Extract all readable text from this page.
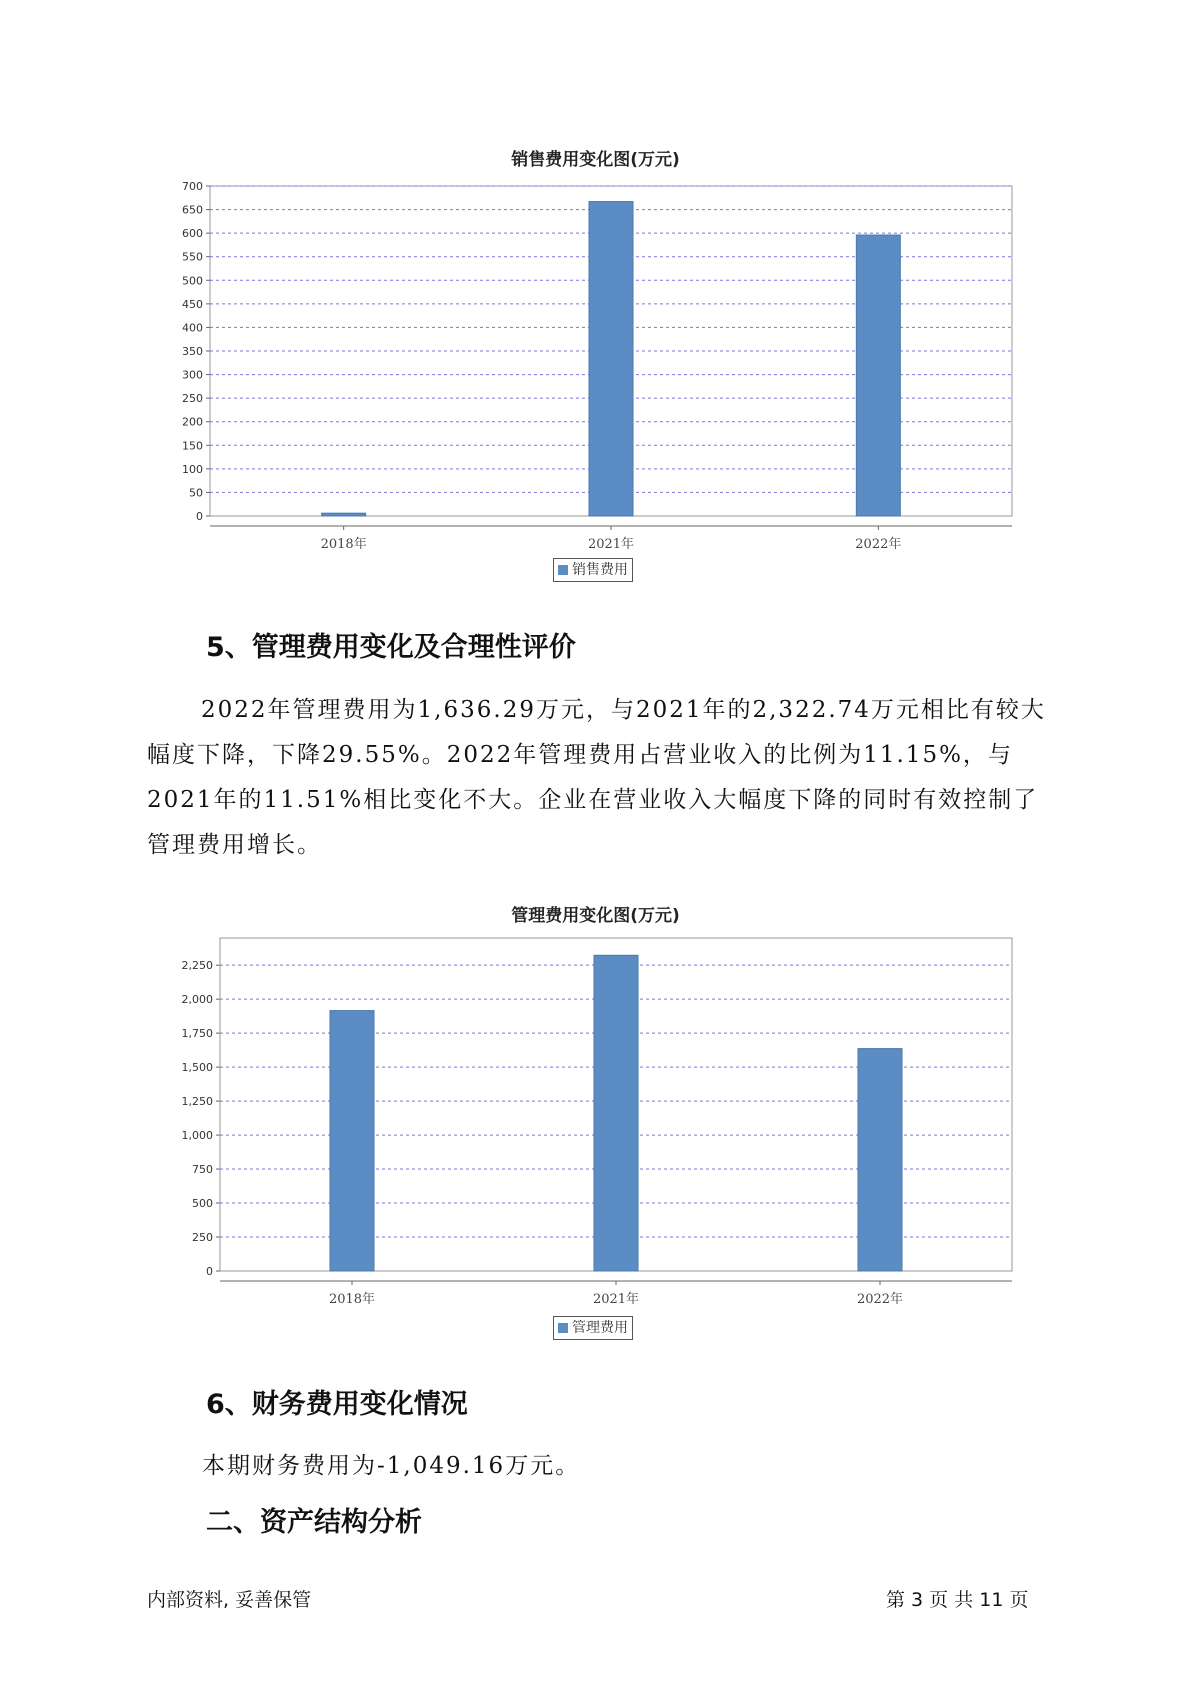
销售费用变化图(万元)
0
50
100
150
200
250
300
350
400
450
500
550
600
650
700
2018年	2021年	2022年
销售费用
5、管理费用变化及合理性评价
2022年管理费用为1,636.29万元，与2021年的2,322.74万元相比有较大幅度下降，下降29.55%。2022年管理费用占营业收入的比例为11.15%，与2021年的11.51%相比变化不大。企业在营业收入大幅度下降的同时有效控制了管理费用增长。
管理费用变化图(万元)
0
250
500
750
1,000
1,250
1,500
1,750
2,000
2,250
2018年	2021年	2022年
管理费用
6、财务费用变化情况
本期财务费用为-1,049.16万元。
二、资产结构分析
内部资料, 妥善保管	第 3 页 共 11 页
